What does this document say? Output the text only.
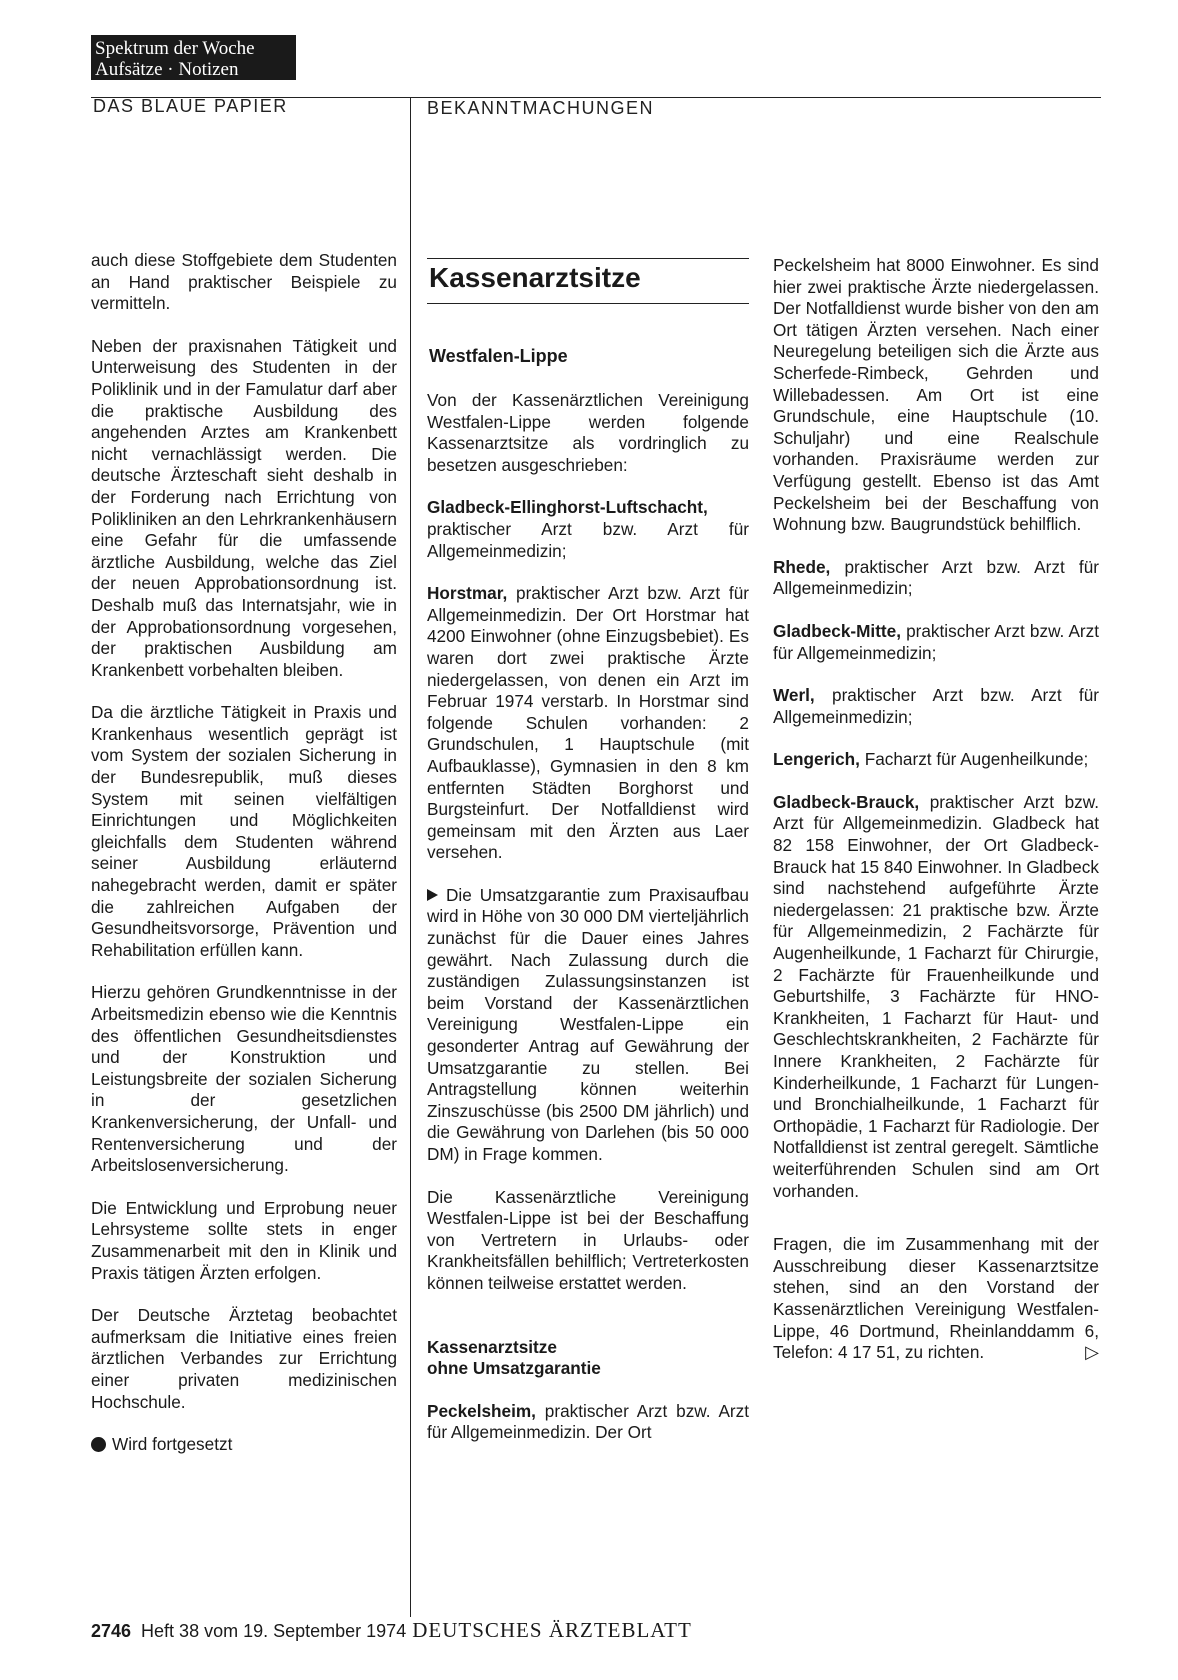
Spektrum der Woche
Aufsätze · Notizen
DAS BLAUE PAPIER	BEKANNTMACHUNGEN

auch diese Stoffgebiete dem Studenten an Hand praktischer Beispiele zu vermitteln.

Neben der praxisnahen Tätigkeit und Unterweisung des Studenten in der Poliklinik und in der Famulatur darf aber die praktische Ausbildung des angehenden Arztes am Krankenbett nicht vernachlässigt werden. Die deutsche Ärzteschaft sieht deshalb in der Forderung nach Errichtung von Polikliniken an den Lehrkrankenhäusern eine Gefahr für die umfassende ärztliche Ausbildung, welche das Ziel der neuen Approbationsordnung ist. Deshalb muß das Internatsjahr, wie in der Approbationsordnung vorgesehen, der praktischen Ausbildung am Krankenbett vorbehalten bleiben.

Da die ärztliche Tätigkeit in Praxis und Krankenhaus wesentlich geprägt ist vom System der sozialen Sicherung in der Bundesrepublik, muß dieses System mit seinen vielfältigen Einrichtungen und Möglichkeiten gleichfalls dem Studenten während seiner Ausbildung erläuternd nahegebracht werden, damit er später die zahlreichen Aufgaben der Gesundheitsvorsorge, Prävention und Rehabilitation erfüllen kann.

Hierzu gehören Grundkenntnisse in der Arbeitsmedizin ebenso wie die Kenntnis des öffentlichen Gesundheitsdienstes und der Konstruktion und Leistungsbreite der sozialen Sicherung in der gesetzlichen Krankenversicherung, der Unfall- und Rentenversicherung und der Arbeitslosenversicherung.

Die Entwicklung und Erprobung neuer Lehrsysteme sollte stets in enger Zusammenarbeit mit den in Klinik und Praxis tätigen Ärzten erfolgen.

Der Deutsche Ärztetag beobachtet aufmerksam die Initiative eines freien ärztlichen Verbandes zur Errichtung einer privaten medizinischen Hochschule.

Wird fortgesetzt

Kassenarztsitze
Westfalen-Lippe

Von der Kassenärztlichen Vereinigung Westfalen-Lippe werden folgende Kassenarztsitze als vordringlich zu besetzen ausgeschrieben:

Gladbeck-Ellinghorst-Luftschacht, praktischer Arzt bzw. Arzt für Allgemeinmedizin;

Horstmar, praktischer Arzt bzw. Arzt für Allgemeinmedizin. Der Ort Horstmar hat 4200 Einwohner (ohne Einzugsbebiet). Es waren dort zwei praktische Ärzte niedergelassen, von denen ein Arzt im Februar 1974 verstarb. In Horstmar sind folgende Schulen vorhanden: 2 Grundschulen, 1 Hauptschule (mit Aufbauklasse), Gymnasien in den 8 km entfernten Städten Borghorst und Burgsteinfurt. Der Notfalldienst wird gemeinsam mit den Ärzten aus Laer versehen.

Die Umsatzgarantie zum Praxisaufbau wird in Höhe von 30 000 DM vierteljährlich zunächst für die Dauer eines Jahres gewährt. Nach Zulassung durch die zuständigen Zulassungsinstanzen ist beim Vorstand der Kassenärztlichen Vereinigung Westfalen-Lippe ein gesonderter Antrag auf Gewährung der Umsatzgarantie zu stellen. Bei Antragstellung können weiterhin Zinszuschüsse (bis 2500 DM jährlich) und die Gewährung von Darlehen (bis 50 000 DM) in Frage kommen.

Die Kassenärztliche Vereinigung Westfalen-Lippe ist bei der Beschaffung von Vertretern in Urlaubs- oder Krankheitsfällen behilflich; Vertreterkosten können teilweise erstattet werden.

Kassenarztsitze
ohne Umsatzgarantie

Peckelsheim, praktischer Arzt bzw. Arzt für Allgemeinmedizin. Der Ort

Peckelsheim hat 8000 Einwohner. Es sind hier zwei praktische Ärzte niedergelassen. Der Notfalldienst wurde bisher von den am Ort tätigen Ärzten versehen. Nach einer Neuregelung beteiligen sich die Ärzte aus Scherfede-Rimbeck, Gehrden und Willebadessen. Am Ort ist eine Grundschule, eine Hauptschule (10. Schuljahr) und eine Realschule vorhanden. Praxisräume werden zur Verfügung gestellt. Ebenso ist das Amt Peckelsheim bei der Beschaffung von Wohnung bzw. Baugrundstück behilflich.

Rhede, praktischer Arzt bzw. Arzt für Allgemeinmedizin;

Gladbeck-Mitte, praktischer Arzt bzw. Arzt für Allgemeinmedizin;

Werl, praktischer Arzt bzw. Arzt für Allgemeinmedizin;

Lengerich, Facharzt für Augenheilkunde;

Gladbeck-Brauck, praktischer Arzt bzw. Arzt für Allgemeinmedizin. Gladbeck hat 82 158 Einwohner, der Ort Gladbeck-Brauck hat 15 840 Einwohner. In Gladbeck sind nachstehend aufgeführte Ärzte niedergelassen: 21 praktische bzw. Ärzte für Allgemeinmedizin, 2 Fachärzte für Augenheilkunde, 1 Facharzt für Chirurgie, 2 Fachärzte für Frauenheilkunde und Geburtshilfe, 3 Fachärzte für HNO-Krankheiten, 1 Facharzt für Haut- und Geschlechtskrankheiten, 2 Fachärzte für Innere Krankheiten, 2 Fachärzte für Kinderheilkunde, 1 Facharzt für Lungen- und Bronchialheilkunde, 1 Facharzt für Orthopädie, 1 Facharzt für Radiologie. Der Notfalldienst ist zentral geregelt. Sämtliche weiterführenden Schulen sind am Ort vorhanden.

Fragen, die im Zusammenhang mit der Ausschreibung dieser Kassenarztsitze stehen, sind an den Vorstand der Kassenärztlichen Vereinigung Westfalen-Lippe, 46 Dortmund, Rheinlanddamm 6, Telefon: 4 17 51, zu richten.	▷

2746 Heft 38 vom 19. September 1974 DEUTSCHES ÄRZTEBLATT
